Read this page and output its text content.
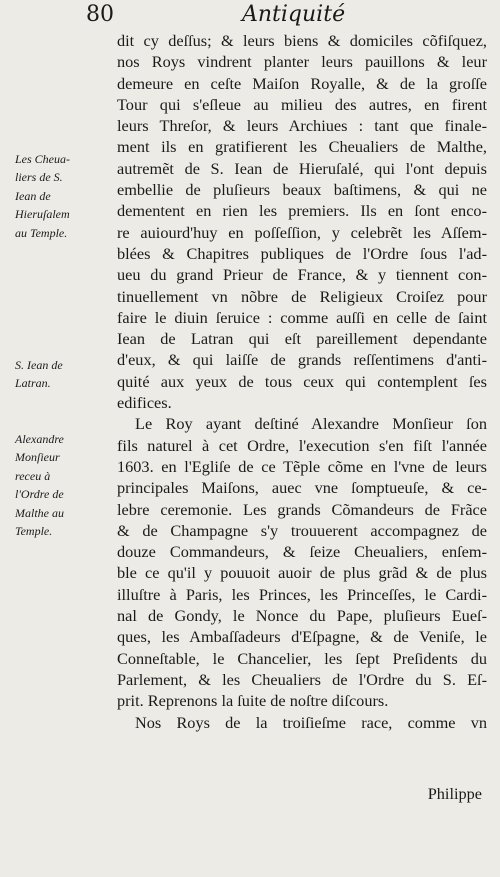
80	Antiquité
dit cy deſſus; & leurs biens & domiciles cõfiſquez,
nos Roys vindrent planter leurs pauillons & leur
demeure en ceſte Maiſon Royalle, & de la groſſe
Tour qui s'eſleue au milieu des autres, en firent
leurs Threſor, & leurs Archiues : tant que finale-
ment ils en gratifierent les Cheualiers de Malthe,
autremẽt de S. Iean de Hieruſalé, qui l'ont depuis
embellie de pluſieurs beaux baſtimens, & qui ne
dementent en rien les premiers. Ils en ſont enco-
re auiourd'huy en poſſeſſion, y celebrẽt les Aſſem-
blées & Chapitres publiques de l'Ordre ſous l'ad-
ueu du grand Prieur de France, & y tiennent con-
tinuellement vn nõbre de Religieux Croiſez pour
faire le diuin ſeruice : comme auſſi en celle de ſaint
Iean de Latran qui eſt pareillement dependante
d'eux, & qui laiſſe de grands reſſentimens d'anti-
quité aux yeux de tous ceux qui contemplent ſes
edifices.
Le Roy ayant deſtiné Alexandre Monſieur ſon
fils naturel à cet Ordre, l'execution s'en fiſt l'année
1603. en l'Egliſe de ce Tẽple cõme en l'vne de leurs
principales Maiſons, auec vne ſomptueuſe, & ce-
lebre ceremonie. Les grands Cõmandeurs de Frãce
& de Champagne s'y trouuerent accompagnez de
douze Commandeurs, & ſeize Cheualiers, enſem-
ble ce qu'il y pouuoit auoir de plus grãd & de plus
illuſtre à Paris, les Princes, les Princeſſes, le Cardi-
nal de Gondy, le Nonce du Pape, pluſieurs Eueſ-
ques, les Ambaſſadeurs d'Eſpagne, & de Veniſe, le
Conneſtable, le Chancelier, les ſept Preſidents du
Parlement, & les Cheualiers de l'Ordre du S. Eſ-
prit. Reprenons la ſuite de noſtre diſcours.
Nos Roys de la troiſieſme race, comme vn
Les Cheua-
liers de S.
Iean de
Hieruſalem
au Temple.
S. Iean de
Latran.
Alexandre
Monſieur
receu à
l'Ordre de
Malthe au
Temple.
Philippe
